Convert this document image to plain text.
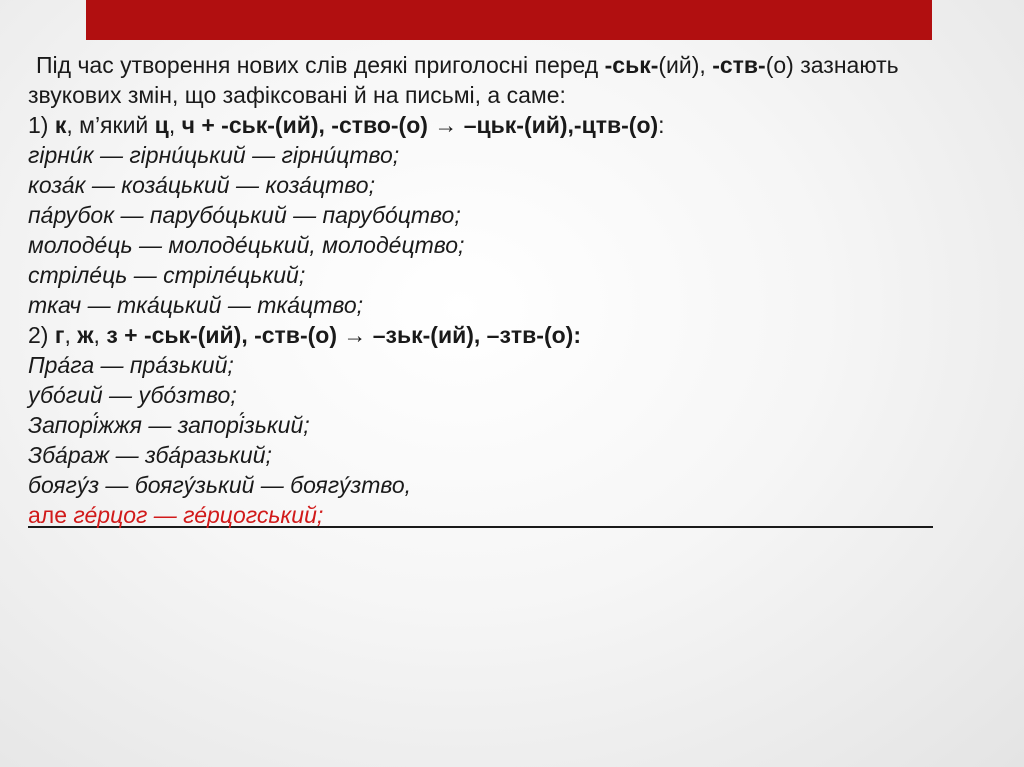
Під час утворення нових слів деякі приголосні перед -ськ-(ий), -ств-(о) зазнають звукових змін, що зафіксовані й на письмі, а саме:

1) к, м’який ц, ч + -ськ-(ий), -ство-(о) → –цьк-(ий),-цтв-(о):
гірни́к — гірни́цький — гірни́цтво;
коза́к — коза́цький — коза́цтво;
па́рубок — парубо́цький — парубо́цтво;
молоде́ць — молоде́цький, молоде́цтво;
стріле́ць — стріле́цький;
ткач — тка́цький — тка́цтво;
2) г, ж, з + -ськ-(ий), -ств-(о) → –зьк-(ий), –зтв-(о):
Пра́га — пра́зький;
убо́гий — убо́зтво;
Запорі́жжя — запорі́зький;
Зба́раж — зба́разький;
боягу́з — боягу́зький — боягу́зтво,
але ге́рцог — ге́рцогський;
